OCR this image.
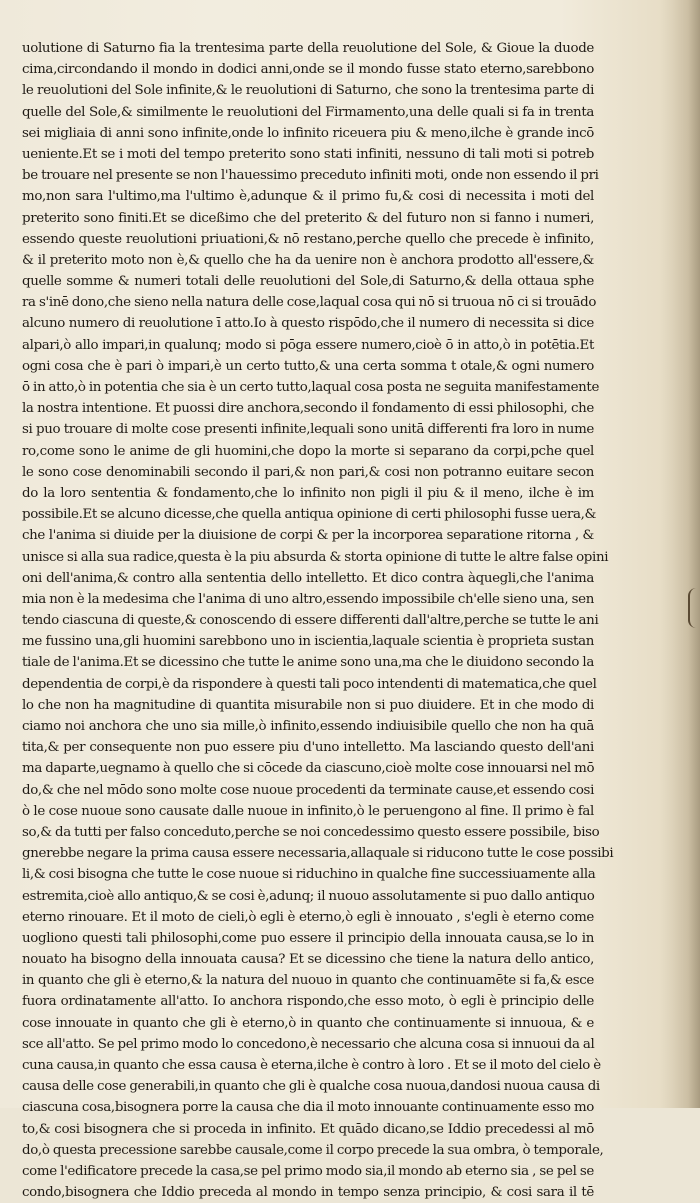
uolutione di Saturno fia la trentesima parte della reuolutione del Sole, & Gioue la duode
cima,circondando il mondo in dodici anni,onde se il mondo fusse stato eterno,sarebbono
le reuolutioni del Sole infinite,& le reuolutioni di Saturno, che sono la trentesima parte di
quelle del Sole,& similmente le reuolutioni del Firmamento,una delle quali si fa in trenta
sei migliaia di anni sono infinite,onde lo infinito riceuera piu & meno,ilche è grande incō
ueniente.Et se i moti del tempo preterito sono stati infiniti, nessuno di tali moti si potreb
be trouare nel presente se non l'hauessimo preceduto infiniti moti, onde non essendo il pri
mo,non sara l'ultimo,ma l'ultimo è,adunque & il primo fu,& cosi di necessita i moti del
preterito sono finiti.Et se diceßimo che del preterito & del futuro non si fanno i numeri,
essendo queste reuolutioni priuationi,& nō restano,perche quello che precede è infinito,
& il preterito moto non è,& quello che ha da uenire non è anchora prodotto all'essere,&
quelle somme & numeri totali delle reuolutioni del Sole,di Saturno,& della ottaua sphe
ra s'inē dono,che sieno nella natura delle cose,laqual cosa qui nō si truoua nō ci si trouādo
alcuno numero di reuolutione ī atto.Io à questo rispōdo,che il numero di necessita si dice
alpari,ò allo impari,in qualunq; modo si pōga essere numero,cioè ō in atto,ò in potētia.Et
ogni cosa che è pari ò impari,è un certo tutto,& una certa somma t otale,& ogni numero
ō in atto,ò in potentia che sia è un certo tutto,laqual cosa posta ne seguita manifestamente
la nostra intentione. Et puossi dire anchora,secondo il fondamento di essi philosophi, che
si puo trouare di molte cose presenti infinite,lequali sono unitā differenti fra loro in nume
ro,come sono le anime de gli huomini,che dopo la morte si separano da corpi,pche quel
le sono cose denominabili secondo il pari,& non pari,& cosi non potranno euitare secon
do la loro sententia & fondamento,che lo infinito non pigli il piu & il meno, ilche è im
possibile.Et se alcuno dicesse,che quella antiqua opinione di certi philosophi fusse uera,&
che l'anima si diuide per la diuisione de corpi & per la incorporea separatione ritorna , &
unisce si alla sua radice,questa è la piu absurda & storta opinione di tutte le altre false opini
oni dell'anima,& contro alla sententia dello intelletto. Et dico contra àquegli,che l'anima
mia non è la medesima che l'anima di uno altro,essendo impossibile ch'elle sieno una, sen
tendo ciascuna di queste,& conoscendo di essere differenti dall'altre,perche se tutte le ani
me fussino una,gli huomini sarebbono uno in iscientia,laquale scientia è proprieta sustan
tiale de l'anima.Et se dicessino che tutte le anime sono una,ma che le diuidono secondo la
dependentia de corpi,è da rispondere à questi tali poco intendenti di matematica,che quel
lo che non ha magnitudine di quantita misurabile non si puo diuidere. Et in che modo di
ciamo noi anchora che uno sia mille,ò infinito,essendo indiuisibile quello che non ha quā
tita,& per consequente non puo essere piu d'uno intelletto. Ma lasciando questo dell'ani
ma daparte,uegnamo à quello che si cōcede da ciascuno,cioè molte cose innouarsi nel mō
do,& che nel mōdo sono molte cose nuoue procedenti da terminate cause,et essendo cosi
ò le cose nuoue sono causate dalle nuoue in infinito,ò le peruengono al fine. Il primo è fal
so,& da tutti per falso conceduto,perche se noi concedessimo questo essere possibile, biso
gnerebbe negare la prima causa essere necessaria,allaquale si riducono tutte le cose possibi
li,& cosi bisogna che tutte le cose nuoue si riduchino in qualche fine successiuamente alla
estremita,cioè allo antiquo,& se cosi è,adunq; il nuouo assolutamente si puo dallo antiquo
eterno rinouare. Et il moto de cieli,ò egli è eterno,ò egli è innouato , s'egli è eterno come
uogliono questi tali philosophi,come puo essere il principio della innouata causa,se lo in
nouato ha bisogno della innouata causa? Et se dicessino che tiene la natura dello antico,
in quanto che gli è eterno,& la natura del nuouo in quanto che continuamēte si fa,& esce
fuora ordinatamente all'atto. Io anchora rispondo,che esso moto, ò egli è principio delle
cose innouate in quanto che gli è eterno,ò in quanto che continuamente si innuoua, & e
sce all'atto. Se pel primo modo lo concedono,è necessario che alcuna cosa si innuoui da al
cuna causa,in quanto che essa causa è eterna,ilche è contro à loro . Et se il moto del cielo è
causa delle cose generabili,in quanto che gli è qualche cosa nuoua,dandosi nuoua causa di
ciascuna cosa,bisognera porre la causa che dia il moto innouante continuamente esso mo
to,& cosi bisognera che si proceda in infinito. Et quādo dicano,se Iddio precedessi al mō
do,ò questa precessione sarebbe causale,come il corpo precede la sua ombra, ò temporale,
come l'edificatore precede la casa,se pel primo modo sia,il mondo ab eterno sia , se pel se
condo,bisognera che Iddio preceda al mondo in tempo senza principio, & cosi sara il tē
